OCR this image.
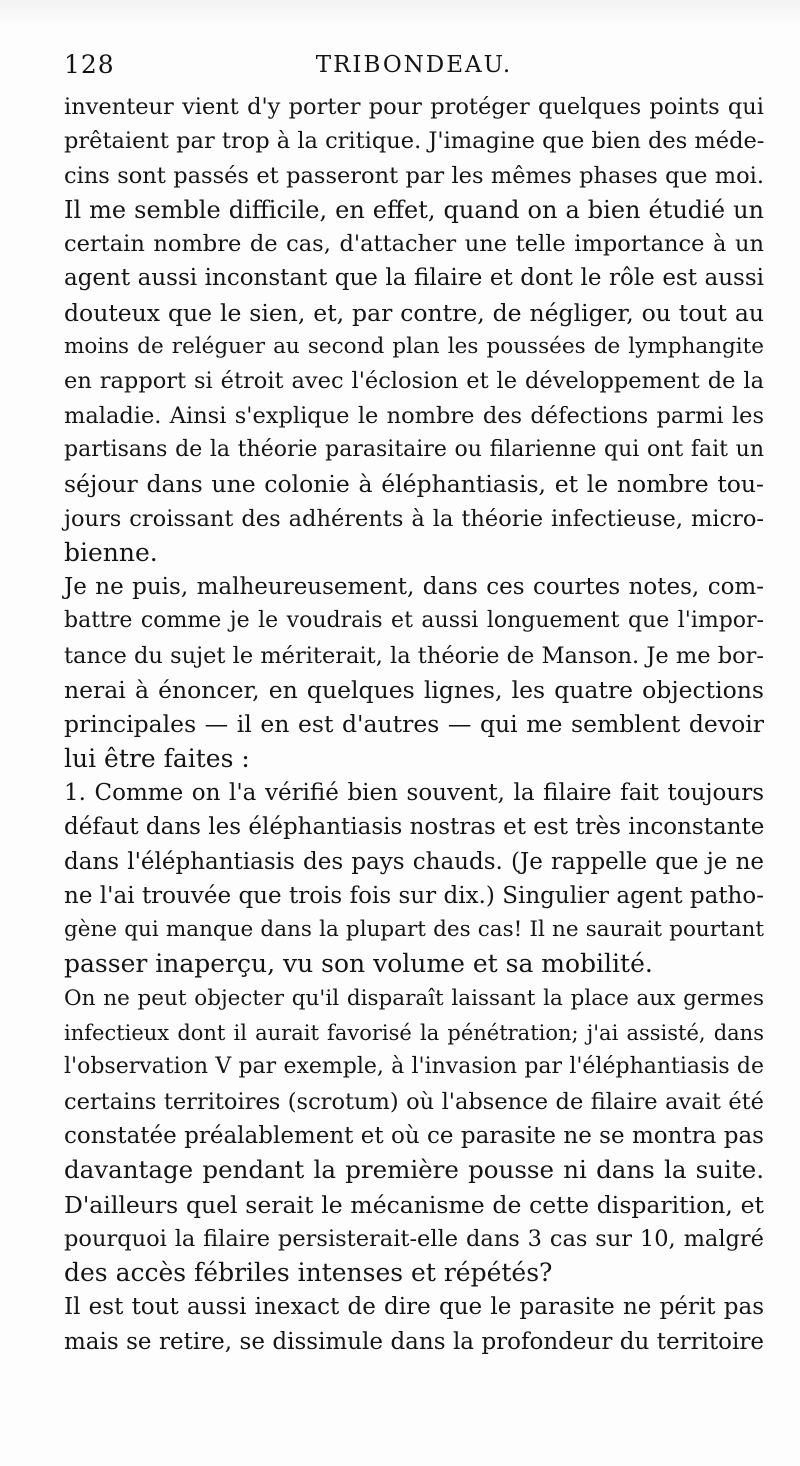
128	TRIBONDEAU.
inventeur vient d'y porter pour protéger quelques points qui
prêtaient par trop à la critique. J'imagine que bien des méde-
cins sont passés et passeront par les mêmes phases que moi.
Il me semble difficile, en effet, quand on a bien étudié un
certain nombre de cas, d'attacher une telle importance à un
agent aussi inconstant que la filaire et dont le rôle est aussi
douteux que le sien, et, par contre, de négliger, ou tout au
moins de reléguer au second plan les poussées de lymphangite
en rapport si étroit avec l'éclosion et le développement de la
maladie. Ainsi s'explique le nombre des défections parmi les
partisans de la théorie parasitaire ou filarienne qui ont fait un
séjour dans une colonie à éléphantiasis, et le nombre tou-
jours croissant des adhérents à la théorie infectieuse, micro-
bienne.
Je ne puis, malheureusement, dans ces courtes notes, com-
battre comme je le voudrais et aussi longuement que l'impor-
tance du sujet le mériterait, la théorie de Manson. Je me bor-
nerai à énoncer, en quelques lignes, les quatre objections
principales — il en est d'autres — qui me semblent devoir
lui être faites :
1. Comme on l'a vérifié bien souvent, la filaire fait toujours
défaut dans les éléphantiasis nostras et est très inconstante
dans l'éléphantiasis des pays chauds. (Je rappelle que je ne
ne l'ai trouvée que trois fois sur dix.) Singulier agent patho-
gène qui manque dans la plupart des cas! Il ne saurait pourtant
passer inaperçu, vu son volume et sa mobilité.
On ne peut objecter qu'il disparaît laissant la place aux germes
infectieux dont il aurait favorisé la pénétration; j'ai assisté, dans
l'observation V par exemple, à l'invasion par l'éléphantiasis de
certains territoires (scrotum) où l'absence de filaire avait été
constatée préalablement et où ce parasite ne se montra pas
davantage pendant la première pousse ni dans la suite.
D'ailleurs quel serait le mécanisme de cette disparition, et
pourquoi la filaire persisterait-elle dans 3 cas sur 10, malgré
des accès fébriles intenses et répétés?
Il est tout aussi inexact de dire que le parasite ne périt pas
mais se retire, se dissimule dans la profondeur du territoire
